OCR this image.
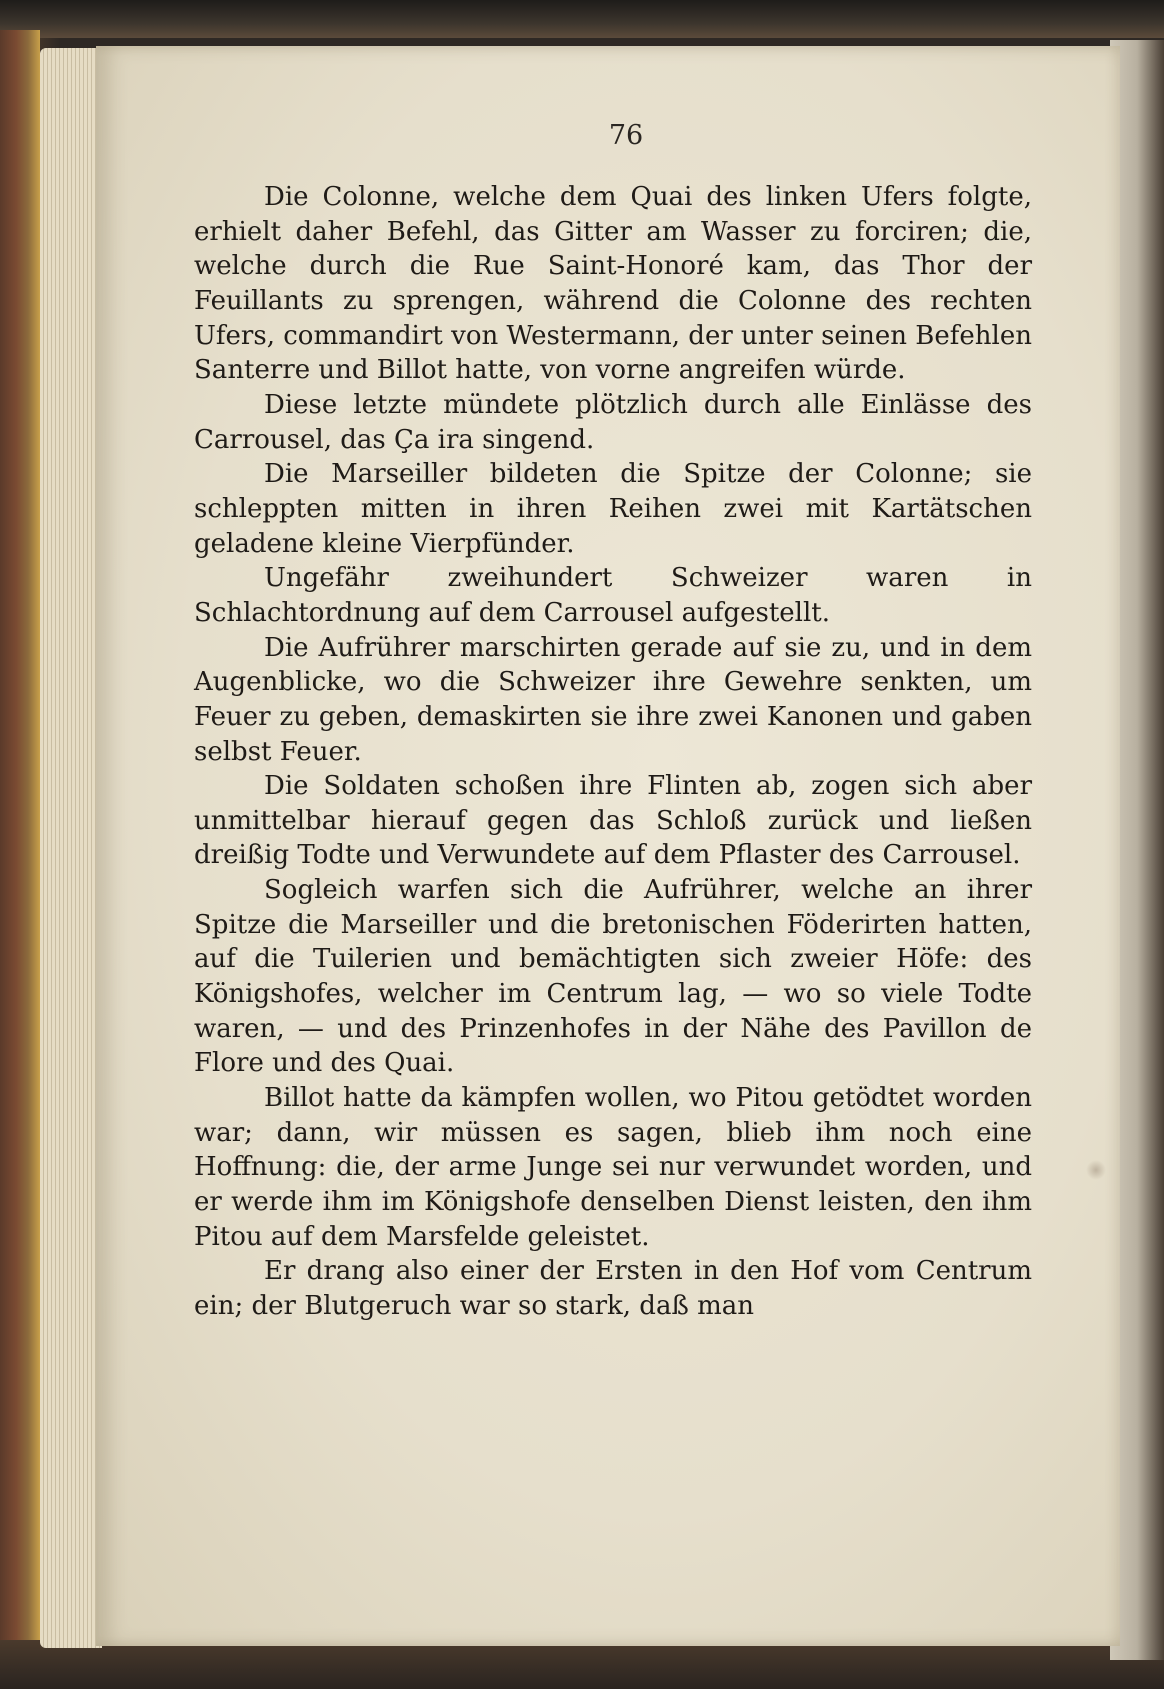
76

Die Colonne, welche dem Quai des linken Ufers folgte, erhielt daher Befehl, das Gitter am Wasser zu forciren; die, welche durch die Rue Saint-Honoré kam, das Thor der Feuillants zu sprengen, während die Colonne des rechten Ufers, commandirt von Westermann, der unter seinen Befehlen Santerre und Billot hatte, von vorne angreifen würde.

Diese letzte mündete plötzlich durch alle Einlässe des Carrousel, das Ça ira singend.

Die Marseiller bildeten die Spitze der Colonne; sie schleppten mitten in ihren Reihen zwei mit Kartätschen geladene kleine Vierpfünder.

Ungefähr zweihundert Schweizer waren in Schlachtordnung auf dem Carrousel aufgestellt.

Die Aufrührer marschirten gerade auf sie zu, und in dem Augenblicke, wo die Schweizer ihre Gewehre senkten, um Feuer zu geben, demaskirten sie ihre zwei Kanonen und gaben selbst Feuer.

Die Soldaten schoßen ihre Flinten ab, zogen sich aber unmittelbar hierauf gegen das Schloß zurück und ließen dreißig Todte und Verwundete auf dem Pflaster des Carrousel.

Sogleich warfen sich die Aufrührer, welche an ihrer Spitze die Marseiller und die bretonischen Föderirten hatten, auf die Tuilerien und bemächtigten sich zweier Höfe: des Königshofes, welcher im Centrum lag, — wo so viele Todte waren, — und des Prinzenhofes in der Nähe des Pavillon de Flore und des Quai.

Billot hatte da kämpfen wollen, wo Pitou getödtet worden war; dann, wir müssen es sagen, blieb ihm noch eine Hoffnung: die, der arme Junge sei nur verwundet worden, und er werde ihm im Königshofe denselben Dienst leisten, den ihm Pitou auf dem Marsfelde geleistet.

Er drang also einer der Ersten in den Hof vom Centrum ein; der Blutgeruch war so stark, daß man
